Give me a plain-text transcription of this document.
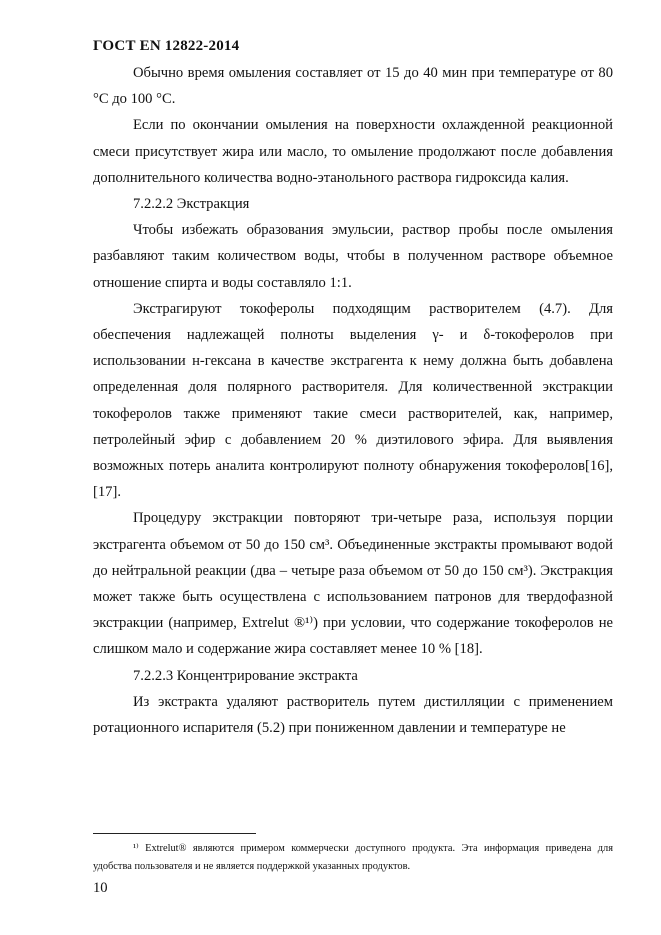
ГОСТ EN 12822-2014

Обычно время омыления составляет от 15 до 40 мин при температуре от 80 °С до 100 °С.

Если по окончании омыления на поверхности охлажденной реакционной смеси присутствует жира или масло, то омыление продолжают после добавления дополнительного количества водно-этанольного раствора гидроксида калия.

7.2.2.2 Экстракция

Чтобы избежать образования эмульсии, раствор пробы после омыления разбавляют таким количеством воды, чтобы в полученном растворе объемное отношение спирта и воды составляло 1:1.

Экстрагируют токоферолы подходящим растворителем (4.7). Для обеспечения надлежащей полноты выделения γ- и δ-токоферолов при использовании н-гексана в качестве экстрагента к нему должна быть добавлена определенная доля полярного растворителя. Для количественной экстракции токоферолов также применяют такие смеси растворителей, как, например, петролейный эфир с добавлением 20 % диэтилового эфира. Для выявления возможных потерь аналита контролируют полноту обнаружения токоферолов[16], [17].

Процедуру экстракции повторяют три-четыре раза, используя порции экстрагента объемом от 50 до 150 см³. Объединенные экстракты промывают водой до нейтральной реакции (два – четыре раза объемом от 50 до 150 см³). Экстракция может также быть осуществлена с использованием патронов для твердофазной экстракции (например, Extrelut ®¹⁾) при условии, что содержание токоферолов не слишком мало и содержание жира составляет менее 10 % [18].

7.2.2.3 Концентрирование экстракта

Из экстракта удаляют растворитель путем дистилляции с применением ротационного испарителя (5.2) при пониженном давлении и температуре не

¹⁾ Extrelut® являются примером коммерчески доступного продукта. Эта информация приведена для удобства пользователя и не является поддержкой указанных продуктов.
10
